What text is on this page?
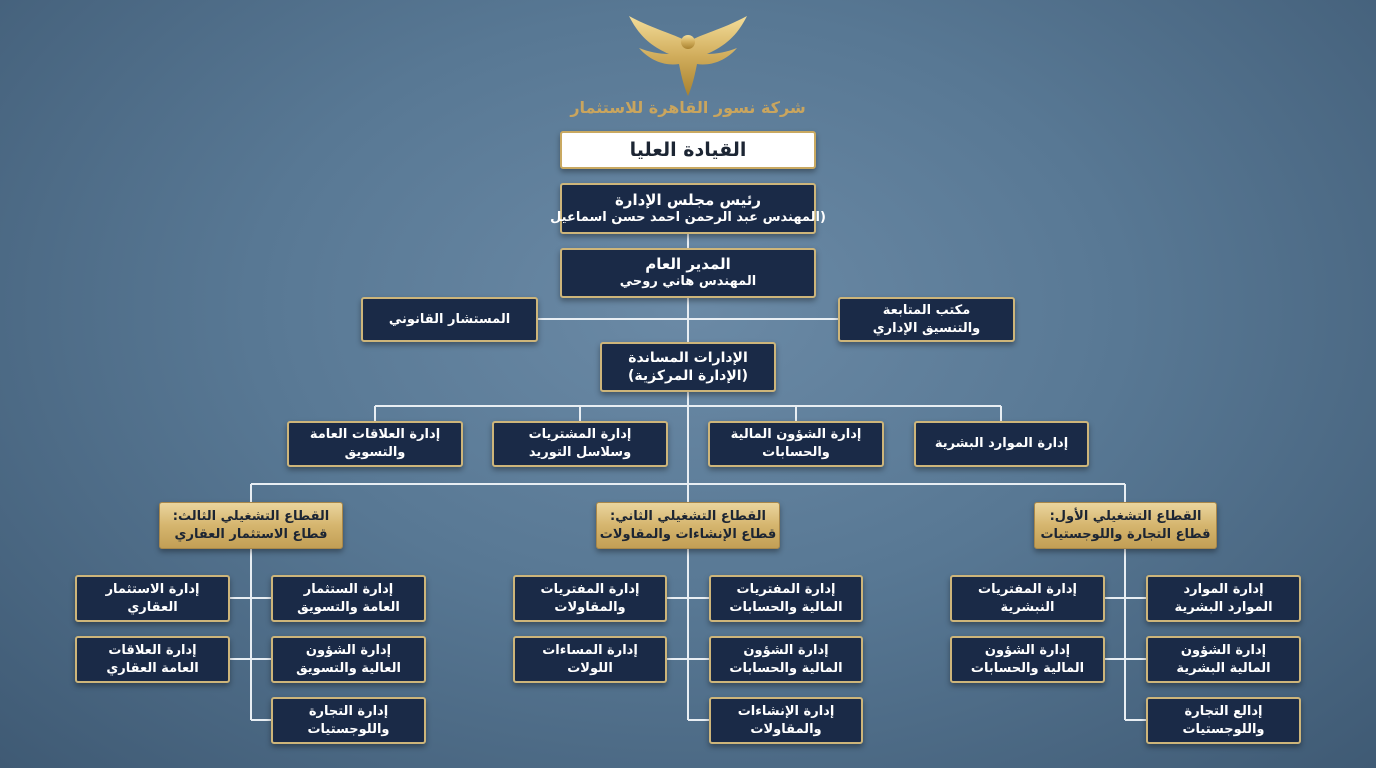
شركة نسور القاهرة للاستثمار
القيادة العليا
رئيس مجلس الإدارة
(المهندس عبد الرحمن احمد حسن اسماعيل
المدير العام
المهندس هاني روحي
المستشار القانوني
مكتب المتابعة
والتنسيق الإداري
الإدارات المساندة
(الإدارة المركزية)
إدارة الموارد البشرية
إدارة الشؤون المالية
والحسابات
إدارة المشتريات
وسلاسل التوريد
إدارة العلاقات العامة
والتسويق
القطاع التشغيلي الأول:
قطاع التجارة واللوجستيات
القطاع التشغيلي الثاني:
قطاع الإنشاءات والمقاولات
القطاع التشغيلي الثالث:
قطاع الاستثمار العقاري
إدارة الموارد
الموارد البشرية
إدارة الشؤون
المالية البشرية
إدالع التجارة
واللوجستيات
إدارة المفتريات
النبشرية
إدارة الشؤون
المالية والحسابات
إدارة المفتريات
المالية والحسابات
إدارة الشؤون
المالية والحسابات
إدارة الإنشاءات
والمقاولات
إدارة المفتريات
والمقاولات
إدارة المساءات
اللولات
إدارة الستثمار
العامة والتسويق
إدارة الشؤون
العالية والتسويق
إدارة التجارة
واللوجستيات
إدارة الاستثمار
العقاري
إدارة العلاقات
العامة العقاري
